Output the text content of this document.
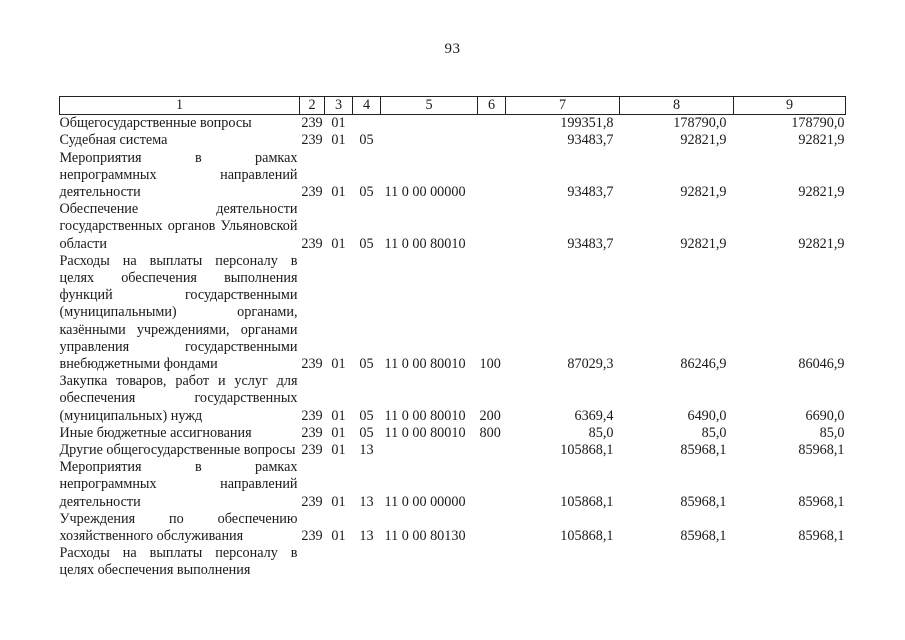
93
1	2	3	4	5	6	7	8	9
Общегосударственные вопросы	239	01				199351,8	178790,0	178790,0
Судебная система	239	01	05			93483,7	92821,9	92821,9
Мероприятия в рамках непрограммных направлений деятельности	239	01	05	11 0 00 00000		93483,7	92821,9	92821,9
Обеспечение деятельности государственных органов Ульяновской области	239	01	05	11 0 00 80010		93483,7	92821,9	92821,9
Расходы на выплаты персоналу в целях обеспечения выполнения функций государственными (муниципальными) органами, казёнными учреждениями, органами управления государственными внебюджетными фондами	239	01	05	11 0 00 80010	100	87029,3	86246,9	86046,9
Закупка товаров, работ и услуг для обеспечения государственных (муниципальных) нужд	239	01	05	11 0 00 80010	200	6369,4	6490,0	6690,0
Иные бюджетные ассигнования	239	01	05	11 0 00 80010	800	85,0	85,0	85,0
Другие общегосударственные вопросы	239	01	13			105868,1	85968,1	85968,1
Мероприятия в рамках непрограммных направлений деятельности	239	01	13	11 0 00 00000		105868,1	85968,1	85968,1
Учреждения по обеспечению хозяйственного обслуживания	239	01	13	11 0 00 80130		105868,1	85968,1	85968,1
Расходы на выплаты персоналу в целях обеспечения выполнения								
